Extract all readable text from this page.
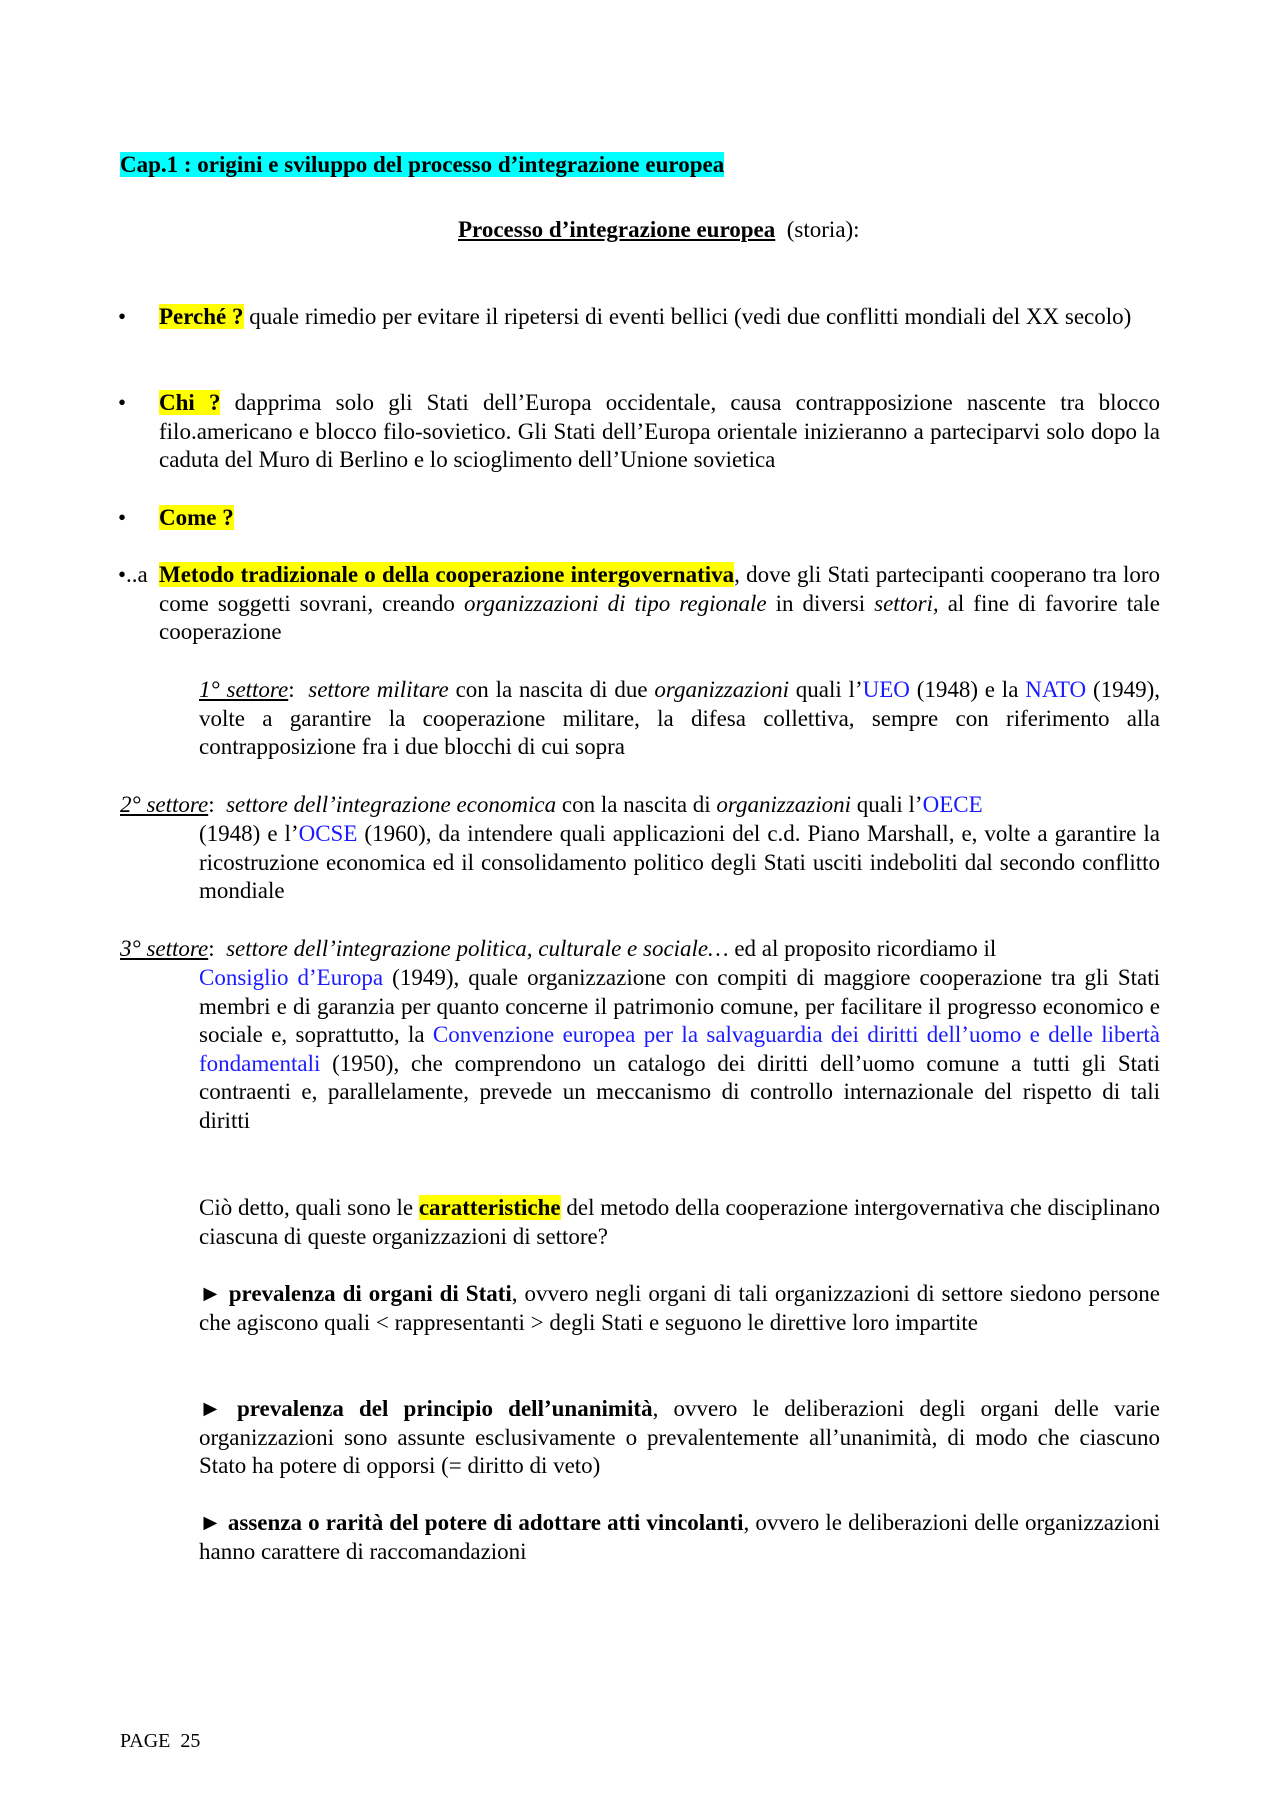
Cap.1 : origini e sviluppo del processo d’integrazione europea
Processo d’integrazione europea (storia):
• Perché ? quale rimedio per evitare il ripetersi di eventi bellici (vedi due conflitti mondiali del XX secolo)
• Chi ? dapprima solo gli Stati dell’Europa occidentale, causa contrapposizione nascente tra blocco filo.americano e blocco filo-sovietico. Gli Stati dell’Europa orientale inizieranno a parteciparvi solo dopo la caduta del Muro di Berlino e lo scioglimento dell’Unione sovietica
• Come ?
•..a Metodo tradizionale o della cooperazione intergovernativa, dove gli Stati partecipanti cooperano tra loro come soggetti sovrani, creando organizzazioni di tipo regionale in diversi settori, al fine di favorire tale cooperazione
1° settore: settore militare con la nascita di due organizzazioni quali l’UEO (1948) e la NATO (1949), volte a garantire la cooperazione militare, la difesa collettiva, sempre con riferimento alla contrapposizione fra i due blocchi di cui sopra
2° settore: settore dell’integrazione economica con la nascita di organizzazioni quali l’OECE
(1948) e l’OCSE (1960), da intendere quali applicazioni del c.d. Piano Marshall, e, volte a garantire la ricostruzione economica ed il consolidamento politico degli Stati usciti indeboliti dal secondo conflitto mondiale
3° settore: settore dell’integrazione politica, culturale e sociale… ed al proposito ricordiamo il
Consiglio d’Europa (1949), quale organizzazione con compiti di maggiore cooperazione tra gli Stati membri e di garanzia per quanto concerne il patrimonio comune, per facilitare il progresso economico e sociale e, soprattutto, la Convenzione europea per la salvaguardia dei diritti dell’uomo e delle libertà fondamentali (1950), che comprendono un catalogo dei diritti dell’uomo comune a tutti gli Stati contraenti e, parallelamente, prevede un meccanismo di controllo internazionale del rispetto di tali diritti
Ciò detto, quali sono le caratteristiche del metodo della cooperazione intergovernativa che disciplinano ciascuna di queste organizzazioni di settore?
► prevalenza di organi di Stati, ovvero negli organi di tali organizzazioni di settore siedono persone che agiscono quali < rappresentanti > degli Stati e seguono le direttive loro impartite
► prevalenza del principio dell’unanimità, ovvero le deliberazioni degli organi delle varie organizzazioni sono assunte esclusivamente o prevalentemente all’unanimità, di modo che ciascuno Stato ha potere di opporsi (= diritto di veto)
► assenza o rarità del potere di adottare atti vincolanti, ovvero le deliberazioni delle organizzazioni hanno carattere di raccomandazioni
PAGE  25
